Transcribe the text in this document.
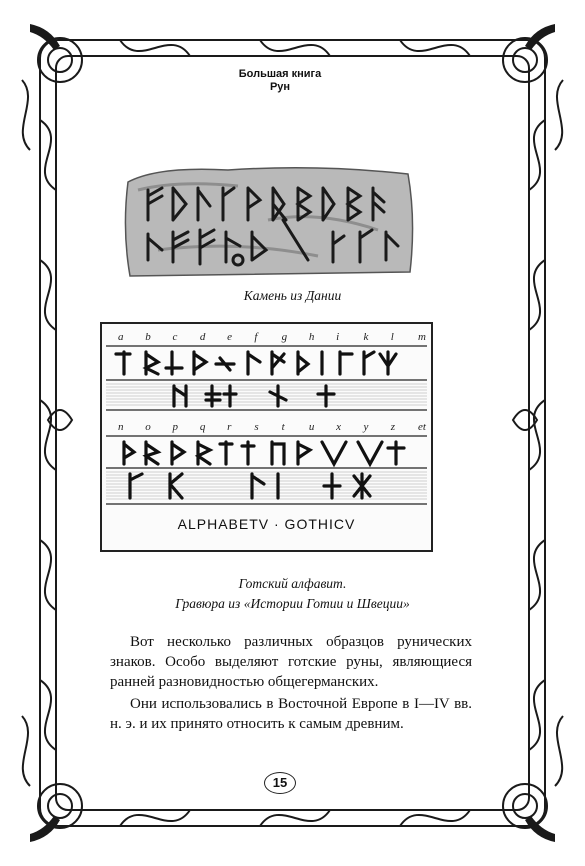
Большая книга
Рун
Камень из Дании
a b c d e f g h i k l m
n o p q r s t u x y z et
ALPHABETV · GOTHICV
Готский алфавит.
Гравюра из «Истории Готии и Швеции»

Вот несколько различных образцов рунических знаков. Особо выделяют готские руны, являющиеся ранней разновидностью общегерманских.

Они использовались в Восточной Европе в I—IV вв. н. э. и их принято относить к самым древним.

15
